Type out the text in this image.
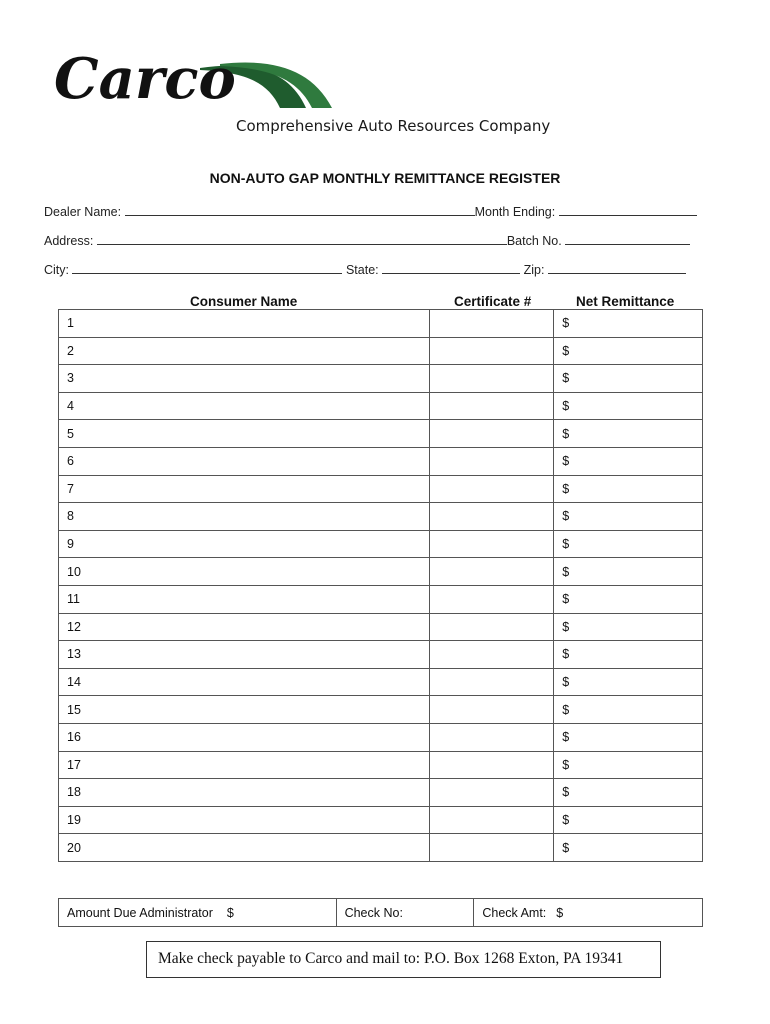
Carco
Comprehensive Auto Resources Company
NON-AUTO GAP MONTHLY REMITTANCE REGISTER
Dealer Name:	Month Ending:
Address:	Batch No.
City:	State:	Zip:
Consumer Name	Certificate #	Net Remittance
1		$
2		$
3		$
4		$
5		$
6		$
7		$
8		$
9		$
10		$
11		$
12		$
13		$
14		$
15		$
16		$
17		$
18		$
19		$
20		$
Amount Due Administrator $	Check No:	Check Amt: $
Make check payable to Carco and mail to: P.O. Box 1268 Exton, PA 19341
